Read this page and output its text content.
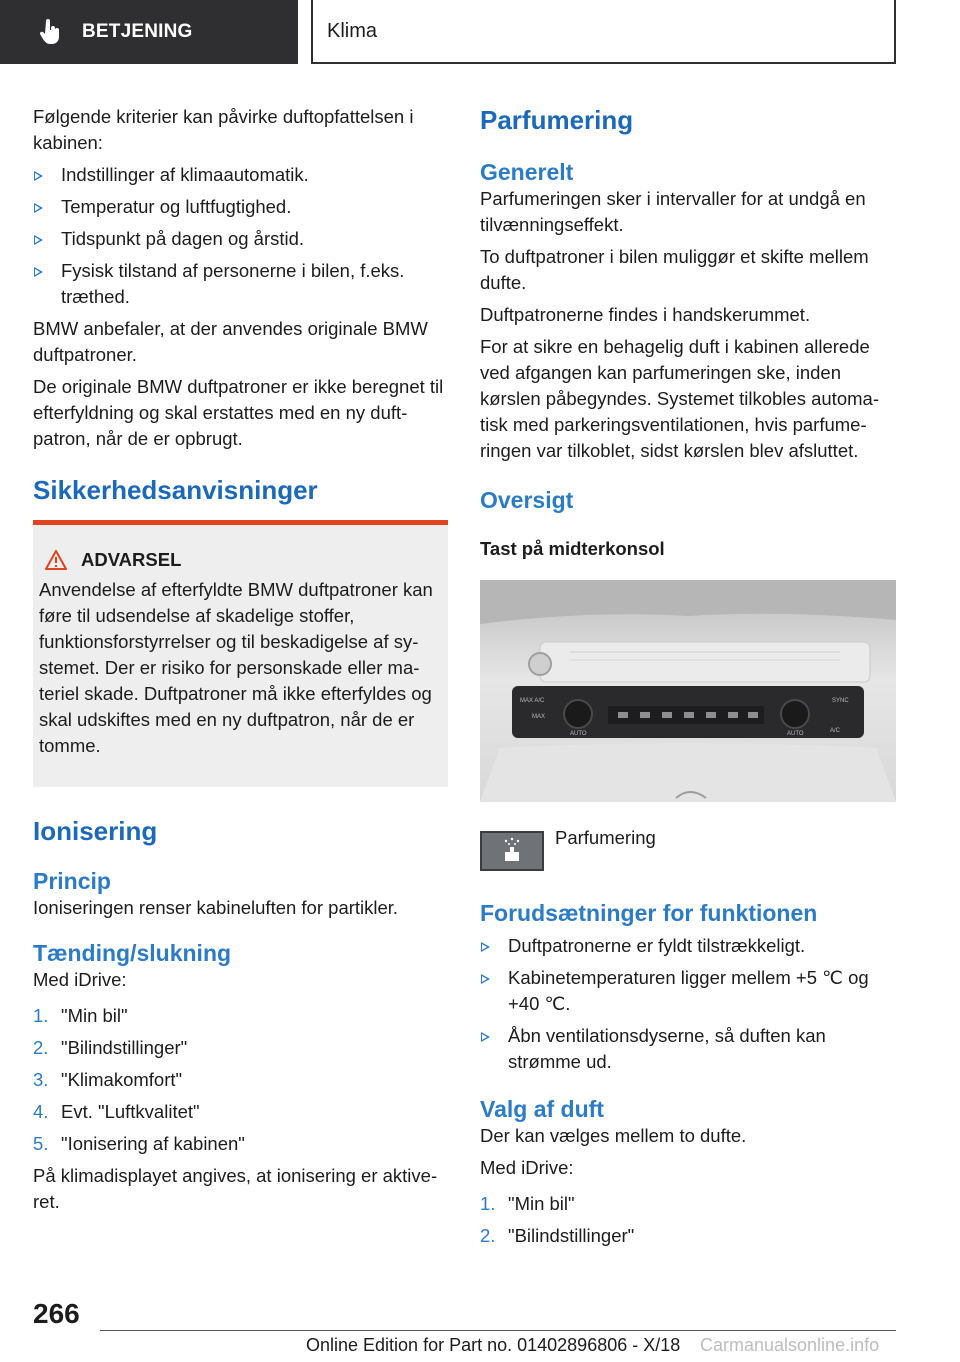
BETJENING	Klima

Følgende kriterier kan påvirke duftopfattelsen i kabinen:

Indstillinger af klimaautomatik.
Temperatur og luftfugtighed.
Tidspunkt på dagen og årstid.
Fysisk tilstand af personerne i bilen, f.eks. træthed.

BMW anbefaler, at der anvendes originale BMW duftpatroner.

De originale BMW duftpatroner er ikke beregnet til efterfyldning og skal erstattes med en ny duftpatron, når de er opbrugt.

Sikkerhedsanvisninger
ADVARSEL

Anvendelse af efterfyldte BMW duftpatroner kan føre til udsendelse af skadelige stoffer, funktionsforstyrrelser og til beskadigelse af systemet. Der er risiko for personskade eller materiel skade. Duftpatroner må ikke efterfyldes og skal udskiftes med en ny duftpatron, når de er tomme.

Ionisering
Princip

Ioniseringen renser kabineluften for partikler.

Tænding/slukning

Med iDrive:

1. "Min bil"
2. "Bilindstillinger"
3. "Klimakomfort"
4. Evt. "Luftkvalitet"
5. "Ionisering af kabinen"

På klimadisplayet angives, at ionisering er aktiveret.

Parfumering
Generelt

Parfumeringen sker i intervaller for at undgå en tilvænningseffekt.

To duftpatroner i bilen muliggør et skifte mellem dufte.

Duftpatronerne findes i handskerummet.

For at sikre en behagelig duft i kabinen allerede ved afgangen kan parfumeringen ske, inden kørslen påbegyndes. Systemet tilkobles automatisk med parkeringsventilationen, hvis parfumeringen var tilkoblet, sidst kørslen blev afsluttet.

Oversigt

Tast på midterkonsol

MAX A/C
MAX
AUTO	AUTO
SYNC
A/C
Parfumering
Forudsætninger for funktionen
Duftpatronerne er fyldt tilstrækkeligt.
Kabinetemperaturen ligger mellem +5 ℃ og +40 ℃.
Åbn ventilationsdyserne, så duften kan strømme ud.
Valg af duft

Der kan vælges mellem to dufte.

Med iDrive:

1. "Min bil"
2. "Bilindstillinger"
266
Online Edition for Part no. 01402896806 - X/18 Carmanualsonline.info
